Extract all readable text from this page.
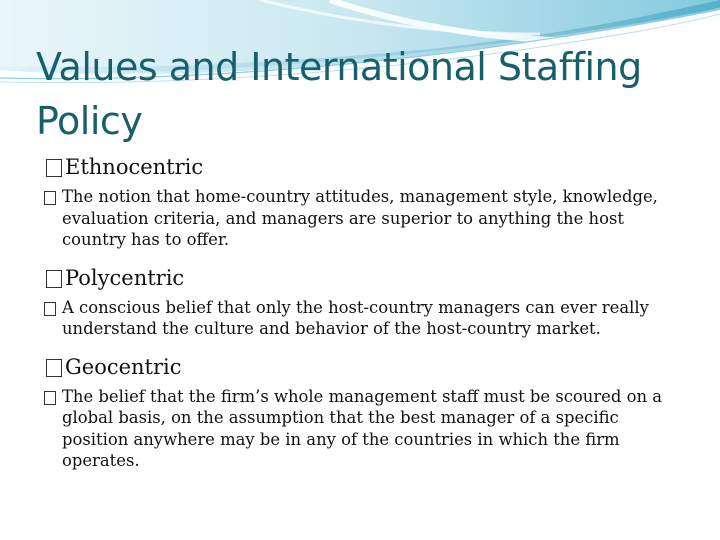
Values and International Staffing Policy
Ethnocentric
The notion that home-country attitudes, management style, knowledge, evaluation criteria, and managers are superior to anything the host country has to offer.
Polycentric
A conscious belief that only the host-country managers can ever really understand the culture and behavior of the host-country market.
Geocentric
The belief that the firm’s whole management staff must be scoured on a global basis, on the assumption that the best manager of a specific position anywhere may be in any of the countries in which the firm operates.
